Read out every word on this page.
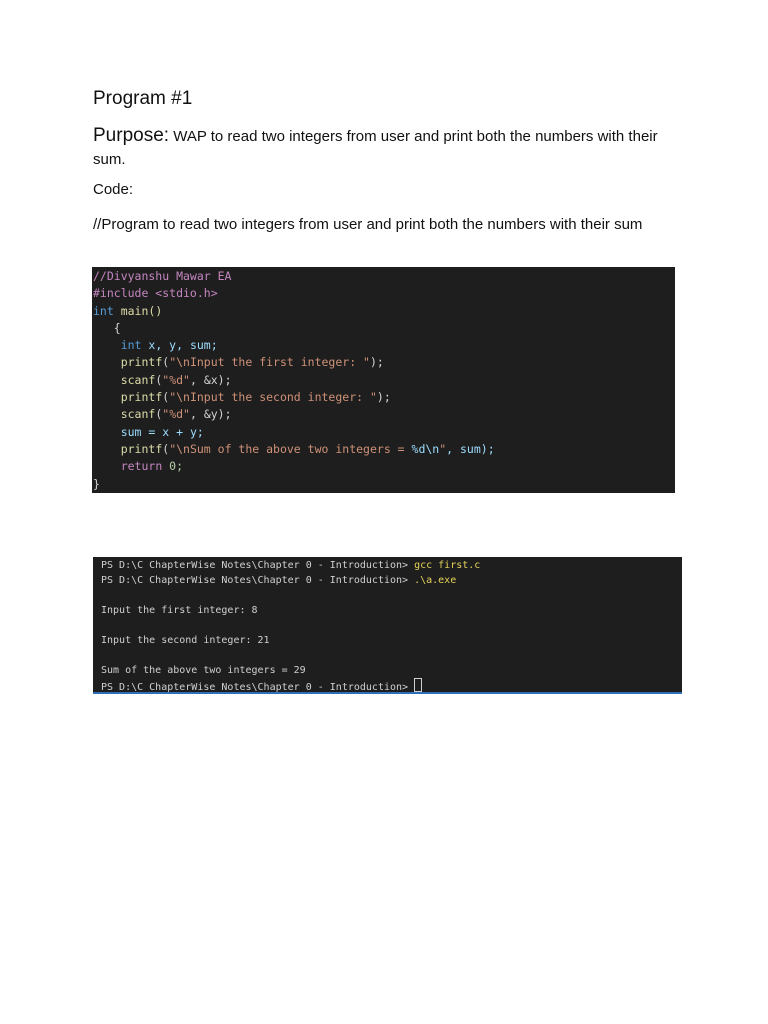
Program #1
Purpose: WAP to read two integers from user and print both the numbers with their sum.
Code:
//Program to read two integers from user and print both the numbers with their sum
//Divyanshu Mawar EA
#include <stdio.h>
int main()
{
int x, y, sum;
printf("\nInput the first integer: ");
scanf("%d", &x);
printf("\nInput the second integer: ");
scanf("%d", &y);
sum = x + y;
printf("\nSum of the above two integers = %d\n", sum);
return 0;
}
PS D:\C ChapterWise Notes\Chapter 0 - Introduction> gcc first.c
PS D:\C ChapterWise Notes\Chapter 0 - Introduction> .\a.exe

Input the first integer: 8

Input the second integer: 21

Sum of the above two integers = 29
PS D:\C ChapterWise Notes\Chapter 0 - Introduction>
